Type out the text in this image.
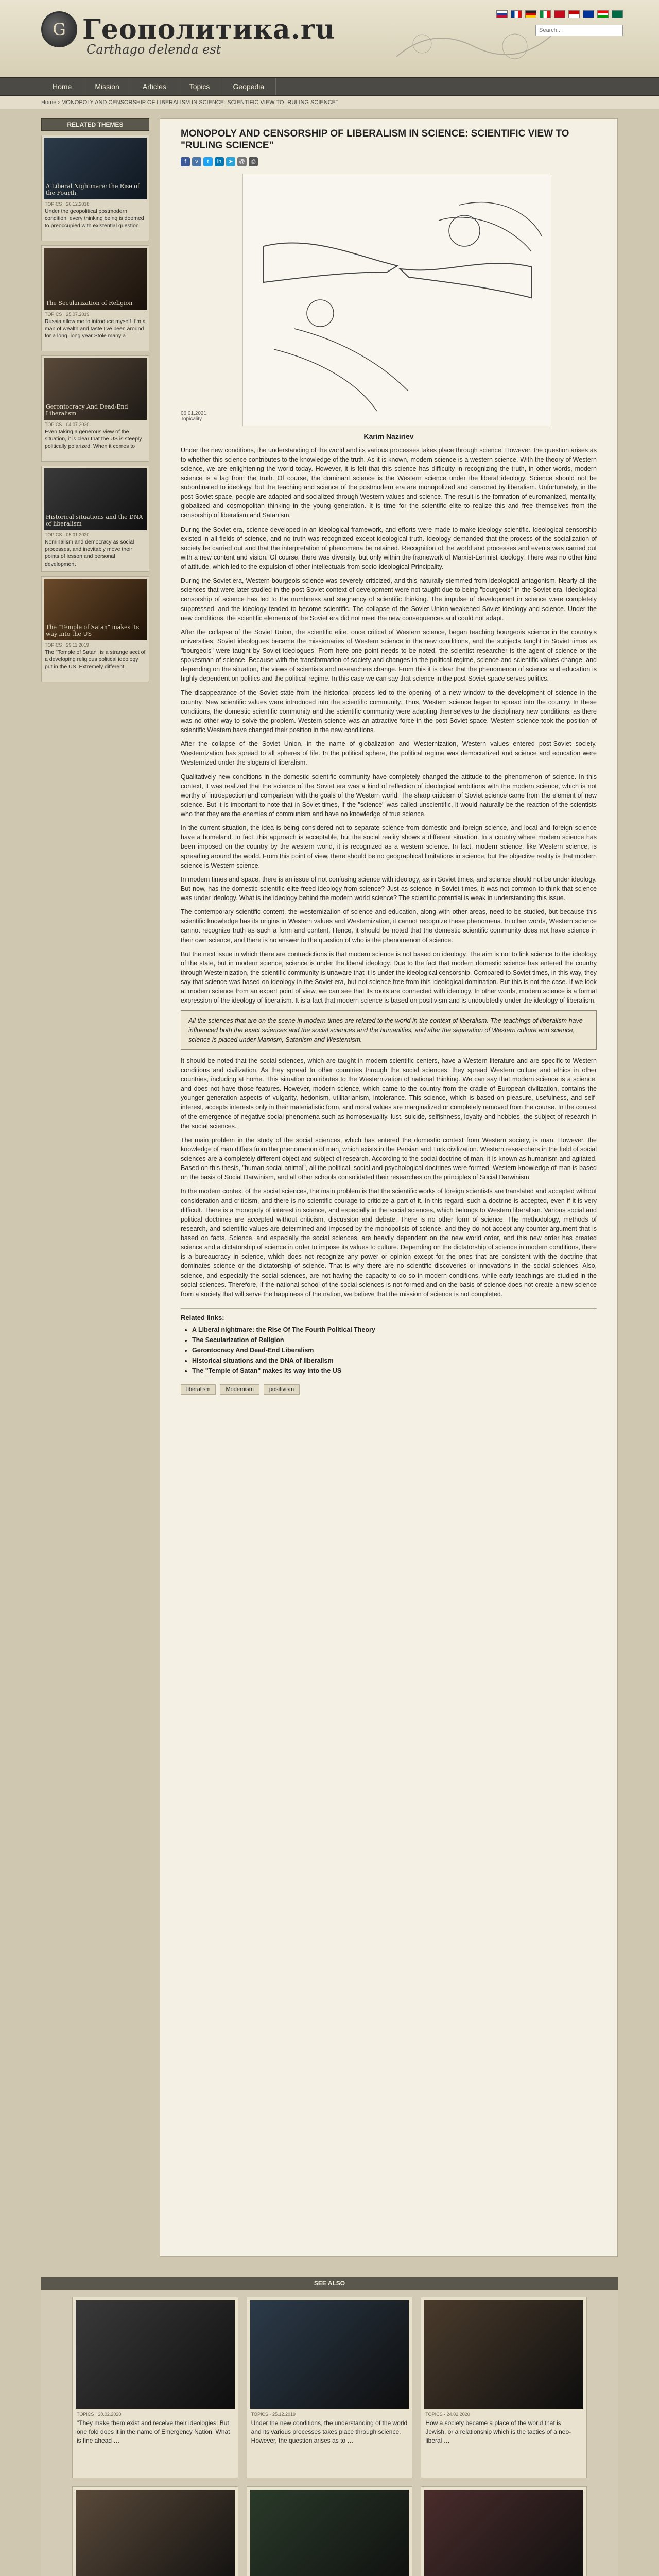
G Геополитика.ru
Carthago delenda est
Search...
Home	Mission	Articles	Topics	Geopedia
Home › MONOPOLY AND CENSORSHIP OF LIBERALISM IN SCIENCE: SCIENTIFIC VIEW TO "RULING SCIENCE"
RELATED THEMES
A Liberal Nightmare: the Rise of the Fourth
TOPICS · 26.12.2018
Under the geopolitical postmodern condition, every thinking being is doomed to preoccupied with existential question
The Secularization of Religion
TOPICS · 25.07.2019
Russia allow me to introduce myself. I'm a man of wealth and taste I've been around for a long, long year Stole many a
Gerontocracy And Dead-End Liberalism
TOPICS · 04.07.2020
Even taking a generous view of the situation, it is clear that the US is steeply politically polarized. When it comes to
Historical situations and the DNA of liberalism
TOPICS · 05.01.2020
Nominalism and democracy as social processes, and inevitably move their points of lesson and personal development
The "Temple of Satan" makes its way into the US
TOPICS · 29.11.2019
The "Temple of Satan" is a strange sect of a developing religious political ideology put in the US. Extremely different
MONOPOLY AND CENSORSHIP OF LIBERALISM IN SCIENCE: SCIENTIFIC VIEW TO "RULING SCIENCE"
f	v	t	in	➤	@	⎙
06.01.2021
Topicality
Karim Naziriev

Under the new conditions, the understanding of the world and its various processes takes place through science. However, the question arises as to whether this science contributes to the knowledge of the truth. As it is known, modern science is a western science. With the theory of Western science, we are enlightening the world today. However, it is felt that this science has difficulty in recognizing the truth, in other words, modern science is a lag from the truth. Of course, the dominant science is the Western science under the liberal ideology. Science should not be subordinated to ideology, but the teaching and science of the postmodern era are monopolized and censored by liberalism. Unfortunately, in the post-Soviet space, people are adapted and socialized through Western values and science. The result is the formation of euromanized, mentality, globalized and cosmopolitan thinking in the young generation. It is time for the scientific elite to realize this and free themselves from the censorship of liberalism and Satanism.

During the Soviet era, science developed in an ideological framework, and efforts were made to make ideology scientific. Ideological censorship existed in all fields of science, and no truth was recognized except ideological truth. Ideology demanded that the process of the socialization of society be carried out and that the interpretation of phenomena be retained. Recognition of the world and processes and events was carried out with a new content and vision. Of course, there was diversity, but only within the framework of Marxist-Leninist ideology. There was no other kind of attitude, which led to the expulsion of other intellectuals from socio-ideological Principality.

During the Soviet era, Western bourgeois science was severely criticized, and this naturally stemmed from ideological antagonism. Nearly all the sciences that were later studied in the post-Soviet context of development were not taught due to being "bourgeois" in the Soviet era. Ideological censorship of science has led to the numbness and stagnancy of scientific thinking. The impulse of development in science were completely suppressed, and the ideology tended to become scientific. The collapse of the Soviet Union weakened Soviet ideology and science. Under the new conditions, the scientific elements of the Soviet era did not meet the new consequences and could not adapt.

After the collapse of the Soviet Union, the scientific elite, once critical of Western science, began teaching bourgeois science in the country's universities. Soviet ideologues became the missionaries of Western science in the new conditions, and the subjects taught in Soviet times as "bourgeois" were taught by Soviet ideologues. From here one point needs to be noted, the scientist researcher is the agent of science or the spokesman of science. Because with the transformation of society and changes in the political regime, science and scientific values change, and depending on the situation, the views of scientists and researchers change. From this it is clear that the phenomenon of science and education is highly dependent on politics and the political regime. In this case we can say that science in the post-Soviet space serves politics.

The disappearance of the Soviet state from the historical process led to the opening of a new window to the development of science in the country. New scientific values were introduced into the scientific community. Thus, Western science began to spread into the country. In these conditions, the domestic scientific community and the scientific community were adapting themselves to the disciplinary new conditions, as there was no other way to solve the problem. Western science was an attractive force in the post-Soviet space. Western science took the position of scientific Western have changed their position in the new conditions.

After the collapse of the Soviet Union, in the name of globalization and Westernization, Western values entered post-Soviet society. Westernization has spread to all spheres of life. In the political sphere, the political regime was democratized and science and education were Westernized under the slogans of liberalism.

Qualitatively new conditions in the domestic scientific community have completely changed the attitude to the phenomenon of science. In this context, it was realized that the science of the Soviet era was a kind of reflection of ideological ambitions with the modern science, which is not worthy of introspection and comparison with the goals of the Western world. The sharp criticism of Soviet science came from the element of new science. But it is important to note that in Soviet times, if the "science" was called unscientific, it would naturally be the reaction of the scientists who that they are the enemies of communism and have no knowledge of true science.

In the current situation, the idea is being considered not to separate science from domestic and foreign science, and local and foreign science have a homeland. In fact, this approach is acceptable, but the social reality shows a different situation. In a country where modern science has been imposed on the country by the western world, it is recognized as a western science. In fact, modern science, like Western science, is spreading around the world. From this point of view, there should be no geographical limitations in science, but the objective reality is that modern science is Western science.

In modern times and space, there is an issue of not confusing science with ideology, as in Soviet times, and science should not be under ideology. But now, has the domestic scientific elite freed ideology from science? Just as science in Soviet times, it was not common to think that science was under ideology. What is the ideology behind the modern world science? The scientific potential is weak in understanding this issue.

The contemporary scientific content, the westernization of science and education, along with other areas, need to be studied, but because this scientific knowledge has its origins in Western values and Westernization, it cannot recognize these phenomena. In other words, Western science cannot recognize truth as such a form and content. Hence, it should be noted that the domestic scientific community does not have science in their own science, and there is no answer to the question of who is the phenomenon of science.

But the next issue in which there are contradictions is that modern science is not based on ideology. The aim is not to link science to the ideology of the state, but in modern science, science is under the liberal ideology. Due to the fact that modern domestic science has entered the country through Westernization, the scientific community is unaware that it is under the ideological censorship. Compared to Soviet times, in this way, they say that science was based on ideology in the Soviet era, but not science free from this ideological domination. But this is not the case. If we look at modern science from an expert point of view, we can see that its roots are connected with ideology. In other words, modern science is a formal expression of the ideology of liberalism. It is a fact that modern science is based on positivism and is undoubtedly under the ideology of liberalism.

All the sciences that are on the scene in modern times are related to the world in the context of liberalism. The teachings of liberalism have influenced both the exact sciences and the social sciences and the humanities, and after the separation of Western culture and science, science is placed under Marxism, Satanism and Westernism.

It should be noted that the social sciences, which are taught in modern scientific centers, have a Western literature and are specific to Western conditions and civilization. As they spread to other countries through the social sciences, they spread Western culture and ethics in other countries, including at home. This situation contributes to the Westernization of national thinking. We can say that modern science is a science, and does not have those features. However, modern science, which came to the country from the cradle of European civilization, contains the younger generation aspects of vulgarity, hedonism, utilitarianism, intolerance. This science, which is based on pleasure, usefulness, and self-interest, accepts interests only in their materialistic form, and moral values are marginalized or completely removed from the course. In the context of the emergence of negative social phenomena such as homosexuality, lust, suicide, selfishness, loyalty and hobbies, the subject of research in the social sciences.

The main problem in the study of the social sciences, which has entered the domestic context from Western society, is man. However, the knowledge of man differs from the phenomenon of man, which exists in the Persian and Turk civilization. Western researchers in the field of social sciences are a completely different object and subject of research. According to the social doctrine of man, it is known as humanism and agitated. Based on this thesis, "human social animal", all the political, social and psychological doctrines were formed. Western knowledge of man is based on the basis of Social Darwinism, and all other schools consolidated their researches on the principles of Social Darwinism.

In the modern context of the social sciences, the main problem is that the scientific works of foreign scientists are translated and accepted without consideration and criticism, and there is no scientific courage to criticize a part of it. In this regard, such a doctrine is accepted, even if it is very difficult. There is a monopoly of interest in science, and especially in the social sciences, which belongs to Western liberalism. Various social and political doctrines are accepted without criticism, discussion and debate. There is no other form of science. The methodology, methods of research, and scientific values are determined and imposed by the monopolists of science, and they do not accept any counter-argument that is based on facts. Science, and especially the social sciences, are heavily dependent on the new world order, and this new order has created science and a dictatorship of science in order to impose its values to culture. Depending on the dictatorship of science in modern conditions, there is a bureaucracy in science, which does not recognize any power or opinion except for the ones that are consistent with the doctrine that dominates science or the dictatorship of science. That is why there are no scientific discoveries or innovations in the social sciences. Also, science, and especially the social sciences, are not having the capacity to do so in modern conditions, while early teachings are studied in the social sciences. Therefore, if the national school of the social sciences is not formed and on the basis of science does not create a new science from a society that will serve the happiness of the nation, we believe that the mission of science is not completed.

Related links:
• A Liberal nightmare: the Rise Of The Fourth Political Theory
• The Secularization of Religion
• Gerontocracy And Dead-End Liberalism
• Historical situations and the DNA of liberalism
• The "Temple of Satan" makes its way into the US
liberalism	Modernism	positivism
SEE ALSO
TOPICS · 20.02.2020
"They make them exist and receive their ideologies. But one fold does it in the name of Emergency Nation. What is fine ahead …
TOPICS · 25.12.2019
Under the new conditions, the understanding of the world and its various processes takes place through science. However, the question arises as to …
TOPICS · 24.02.2020
How a society became a place of the world that is Jewish, or a relationship which is the tactics of a neo-liberal …
